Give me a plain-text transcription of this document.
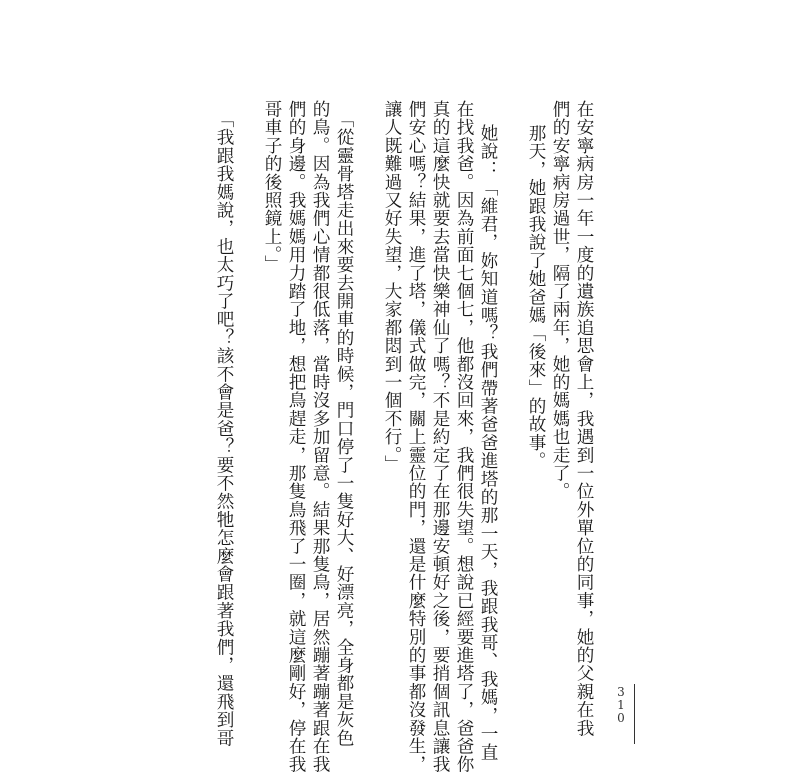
在安寧病房一年一度的遺族追思會上，我遇到一位外單位的同事，她的父親在我

們的安寧病房過世，隔了兩年，她的媽媽也走了。

那天，她跟我說了她爸媽「後來」的故事。

她說：「維君，妳知道嗎？我們帶著爸爸進塔的那一天，我跟我哥、我媽，一直

在找我爸。因為前面七個七，他都沒回來，我們很失望。想說已經要進塔了，爸爸你

真的這麼快就要去當快樂神仙了嗎？不是約定了在那邊安頓好之後，要捎個訊息讓我

們安心嗎？結果，進了塔，儀式做完，關上靈位的門，還是什麼特別的事都沒發生，

讓人既難過又好失望，大家都悶到一個不行。」

「從靈骨塔走出來要去開車的時候，門口停了一隻好大、好漂亮，全身都是灰色

的鳥。因為我們心情都很低落，當時沒多加留意。結果那隻鳥，居然蹦著蹦著跟在我

們的身邊。我媽媽用力踏了地，想把鳥趕走，那隻鳥飛了一圈，就這麼剛好，停在我

哥車子的後照鏡上。」

「我跟我媽說，也太巧了吧？該不會是爸？要不然牠怎麼會跟著我們，還飛到哥	310
